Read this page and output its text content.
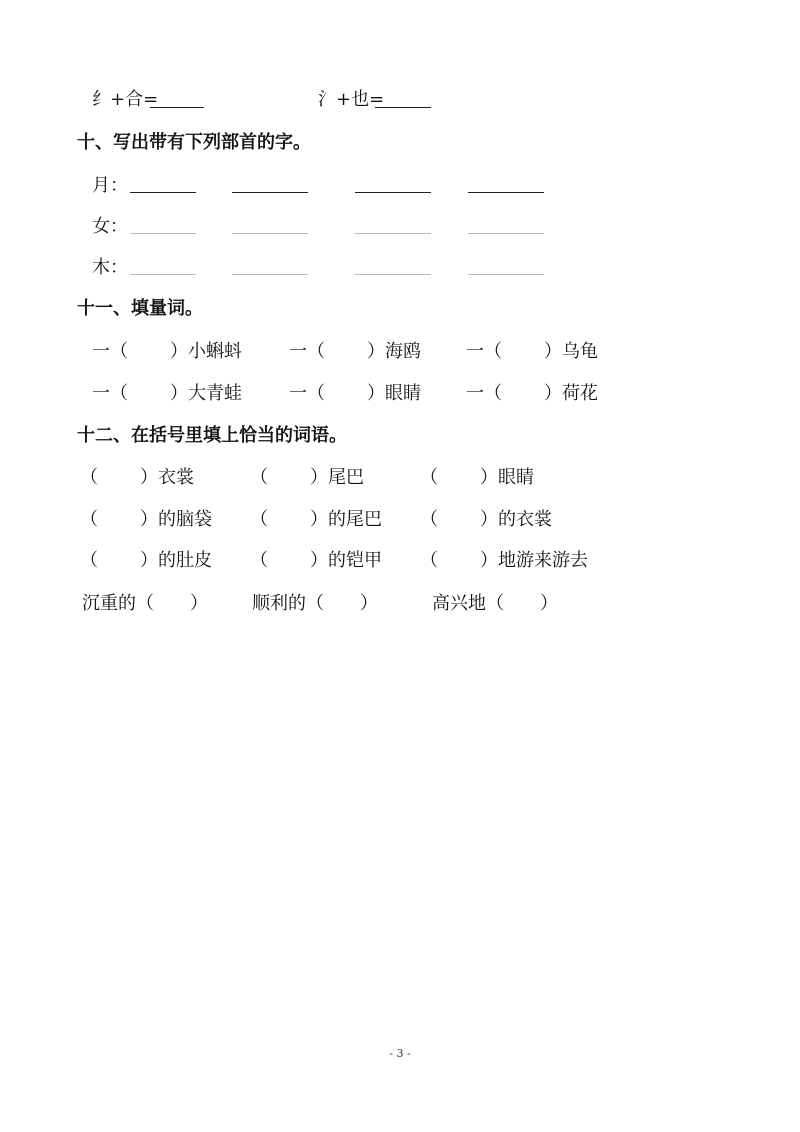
纟+合=	氵+也=
十、写出带有下列部首的字。
月：
女：
木：
十一、填量词。
一（ ）小蝌蚪	一（ ）海鸥	一（ ）乌龟
一（ ）大青蛙	一（ ）眼睛	一（ ）荷花
十二、在括号里填上恰当的词语。
（ ）衣裳	（ ）尾巴	（ ）眼睛
（ ）的脑袋 （ ）的尾巴 （ ）的衣裳
（ ）的肚皮 （ ）的铠甲 （ ）地游来游去
沉重的（ ） 顺利的（ ）	高兴地（ ）
- 3 -
